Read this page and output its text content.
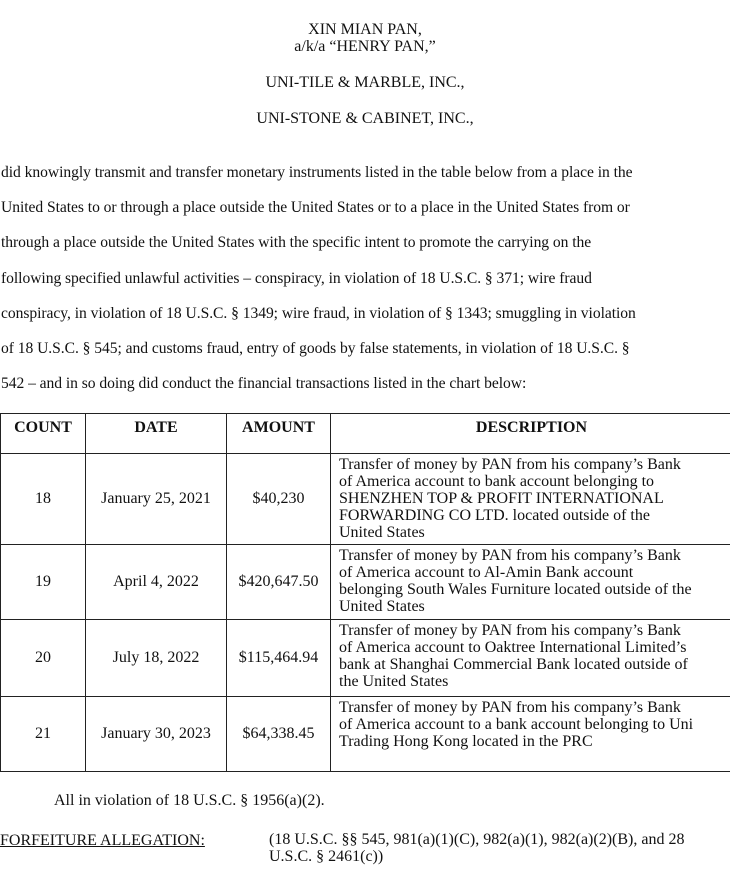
XIN MIAN PAN,
a/k/a “HENRY PAN,”
UNI-TILE & MARBLE, INC.,
UNI-STONE & CABINET, INC.,

did knowingly transmit and transfer monetary instruments listed in the table below from a place in the
United States to or through a place outside the United States or to a place in the United States from or
through a place outside the United States with the specific intent to promote the carrying on the
following specified unlawful activities – conspiracy, in violation of 18 U.S.C. § 371; wire fraud
conspiracy, in violation of 18 U.S.C. § 1349; wire fraud, in violation of § 1343; smuggling in violation
of 18 U.S.C. § 545; and customs fraud, entry of goods by false statements, in violation of 18 U.S.C. §
542 – and in so doing did conduct the financial transactions listed in the chart below:

COUNT	DATE	AMOUNT	DESCRIPTION
18	January 25, 2021	$40,230	Transfer of money by PAN from his company’s Bank
of America account to bank account belonging to
SHENZHEN TOP & PROFIT INTERNATIONAL
FORWARDING CO LTD. located outside of the
United States

19	April 4, 2022	$420,647.50	Transfer of money by PAN from his company’s Bank
of America account to Al-Amin Bank account
belonging South Wales Furniture located outside of the
United States

20	July 18, 2022	$115,464.94	Transfer of money by PAN from his company’s Bank
of America account to Oaktree International Limited’s
bank at Shanghai Commercial Bank located outside of
the United States

21	January 30, 2023	$64,338.45	Transfer of money by PAN from his company’s Bank
of America account to a bank account belonging to Uni
Trading Hong Kong located in the PRC
All in violation of 18 U.S.C. § 1956(a)(2).
FORFEITURE ALLEGATION:	(18 U.S.C. §§ 545, 981(a)(1)(C), 982(a)(1), 982(a)(2)(B), and 28
U.S.C. § 2461(c))
